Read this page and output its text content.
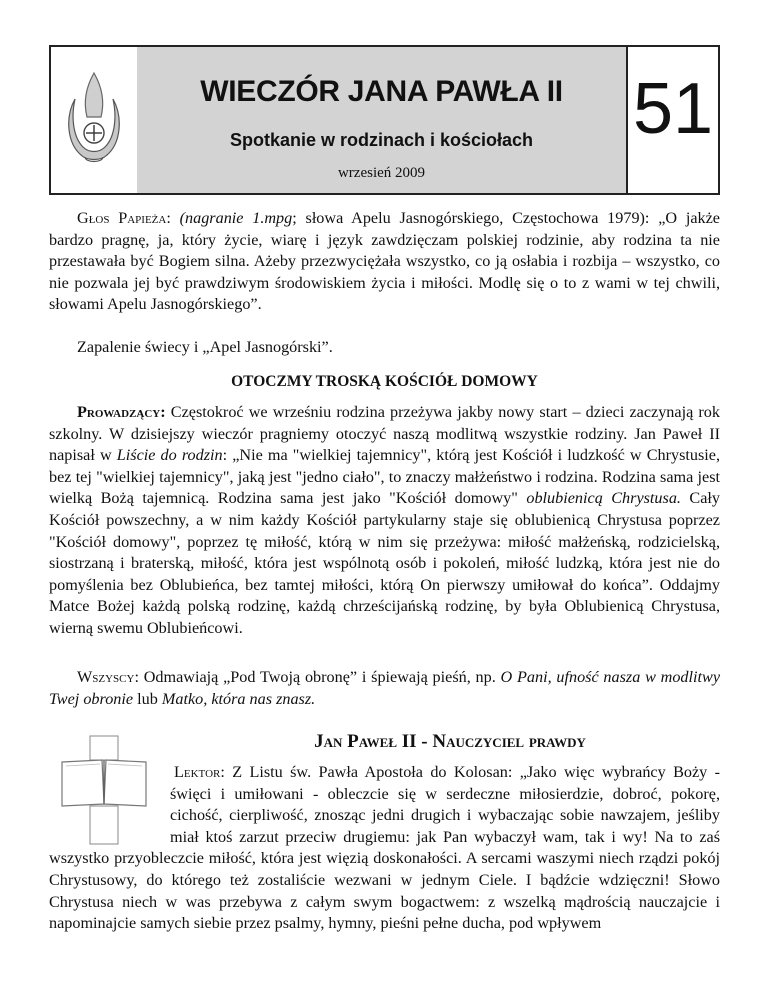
WIECZÓR JANA PAWŁA II
Spotkanie w rodzinach i kościołach
wrzesień 2009
51

Głos Papieża: (nagranie 1.mpg; słowa Apelu Jasnogórskiego, Częstochowa 1979): „O jakże bardzo pragnę, ja, który życie, wiarę i język zawdzięczam polskiej rodzinie, aby rodzina ta nie przestawała być Bogiem silna. Ażeby przezwyciężała wszystko, co ją osłabia i rozbija – wszystko, co nie pozwala jej być prawdziwym środowiskiem życia i miłości. Modlę się o to z wami w tej chwili, słowami Apelu Jasnogórskiego”.

Zapalenie świecy i „Apel Jasnogórski”.

OTOCZMY TROSKĄ KOŚCIÓŁ DOMOWY

Prowadzący: Częstokroć we wrześniu rodzina przeżywa jakby nowy start – dzieci zaczynają rok szkolny. W dzisiejszy wieczór pragniemy otoczyć naszą modlitwą wszystkie rodziny. Jan Paweł II napisał w Liście do rodzin: „Nie ma "wielkiej tajemnicy", którą jest Kościół i ludzkość w Chrystusie, bez tej "wielkiej tajemnicy", jaką jest "jedno ciało", to znaczy małżeństwo i rodzina. Rodzina sama jest wielką Bożą tajemnicą. Rodzina sama jest jako "Kościół domowy" oblubienicą Chrystusa. Cały Kościół powszechny, a w nim każdy Kościół partykularny staje się oblubienicą Chrystusa poprzez "Kościół domowy", poprzez tę miłość, którą w nim się przeżywa: miłość małżeńską, rodzicielską, siostrzaną i braterską, miłość, która jest wspólnotą osób i pokoleń, miłość ludzką, która jest nie do pomyślenia bez Oblubieńca, bez tamtej miłości, którą On pierwszy umiłował do końca”. Oddajmy Matce Bożej każdą polską rodzinę, każdą chrześcijańską rodzinę, by była Oblubienicą Chrystusa, wierną swemu Oblubieńcowi.

Wszyscy: Odmawiają „Pod Twoją obronę” i śpiewają pieśń, np. O Pani, ufność nasza w modlitwy Twej obronie lub Matko, która nas znasz.

Jan Paweł II - Nauczyciel prawdy

Lektor: Z Listu św. Pawła Apostoła do Kolosan: „Jako więc wybrańcy Boży - święci i umiłowani - obleczcie się w serdeczne miłosierdzie, dobroć, pokorę, cichość, cierpliwość, znosząc jedni drugich i wybaczając sobie nawzajem, jeśliby miał ktoś zarzut przeciw drugiemu: jak Pan wybaczył wam, tak i wy! Na to zaś wszystko przyobleczcie miłość, która jest więzią doskonałości. A sercami waszymi niech rządzi pokój Chrystusowy, do którego też zostaliście wezwani w jednym Ciele. I bądźcie wdzięczni! Słowo Chrystusa niech w was przebywa z całym swym bogactwem: z wszelką mądrością nauczajcie i napominajcie samych siebie przez psalmy, hymny, pieśni pełne ducha, pod wpływem
